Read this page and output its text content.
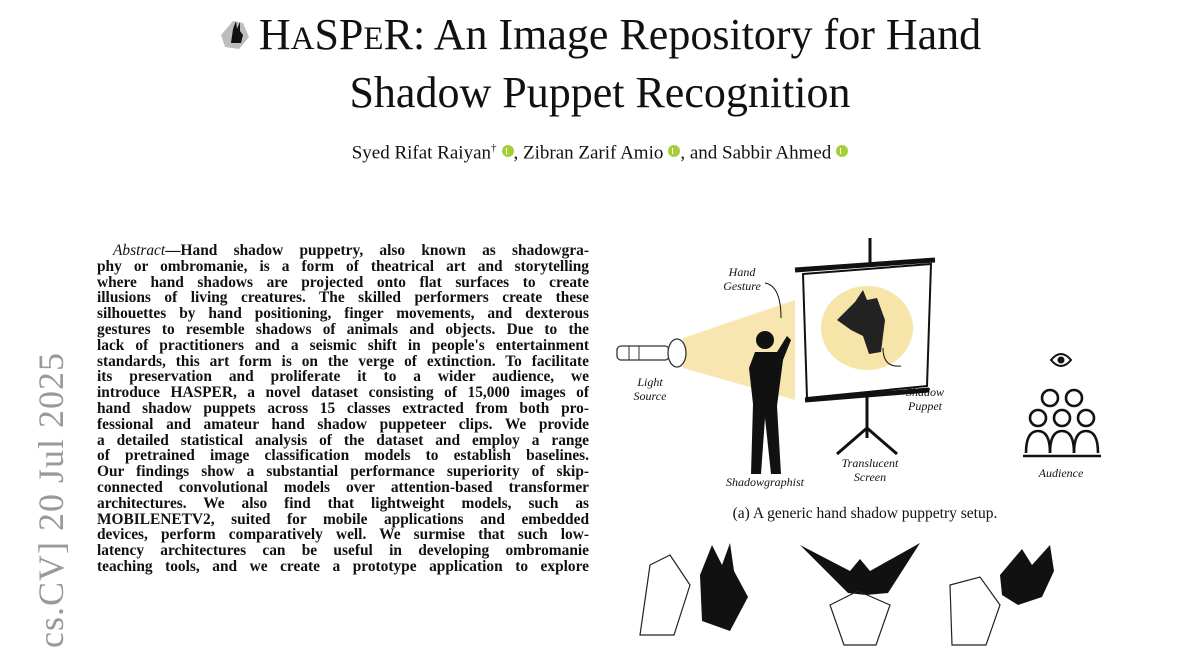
HASPER: An Image Repository for Hand
Shadow Puppet Recognition
Syed Rifat Raiyan† , Zibran Zarif Amio , and Sabbir Ahmed
cs.CV] 20 Jul 2025
Abstract—Hand shadow puppetry, also known as shadowgra-
phy or ombromanie, is a form of theatrical art and storytelling
where hand shadows are projected onto flat surfaces to create
illusions of living creatures. The skilled performers create these
silhouettes by hand positioning, finger movements, and dexterous
gestures to resemble shadows of animals and objects. Due to the
lack of practitioners and a seismic shift in people's entertainment
standards, this art form is on the verge of extinction. To facilitate
its preservation and proliferate it to a wider audience, we
introduce HASPER, a novel dataset consisting of 15,000 images of
hand shadow puppets across 15 classes extracted from both pro-
fessional and amateur hand shadow puppeteer clips. We provide
a detailed statistical analysis of the dataset and employ a range
of pretrained image classification models to establish baselines.
Our findings show a substantial performance superiority of skip-
connected convolutional models over attention-based transformer
architectures. We also find that lightweight models, such as
MOBILENETV2, suited for mobile applications and embedded
devices, perform comparatively well. We surmise that such low-
latency architectures can be useful in developing ombromanie
teaching tools, and we create a prototype application to explore
Hand Gesture
Light Source	Shadow Puppet
Shadowgraphist
Translucent Screen	Audience
(a) A generic hand shadow puppetry setup.
